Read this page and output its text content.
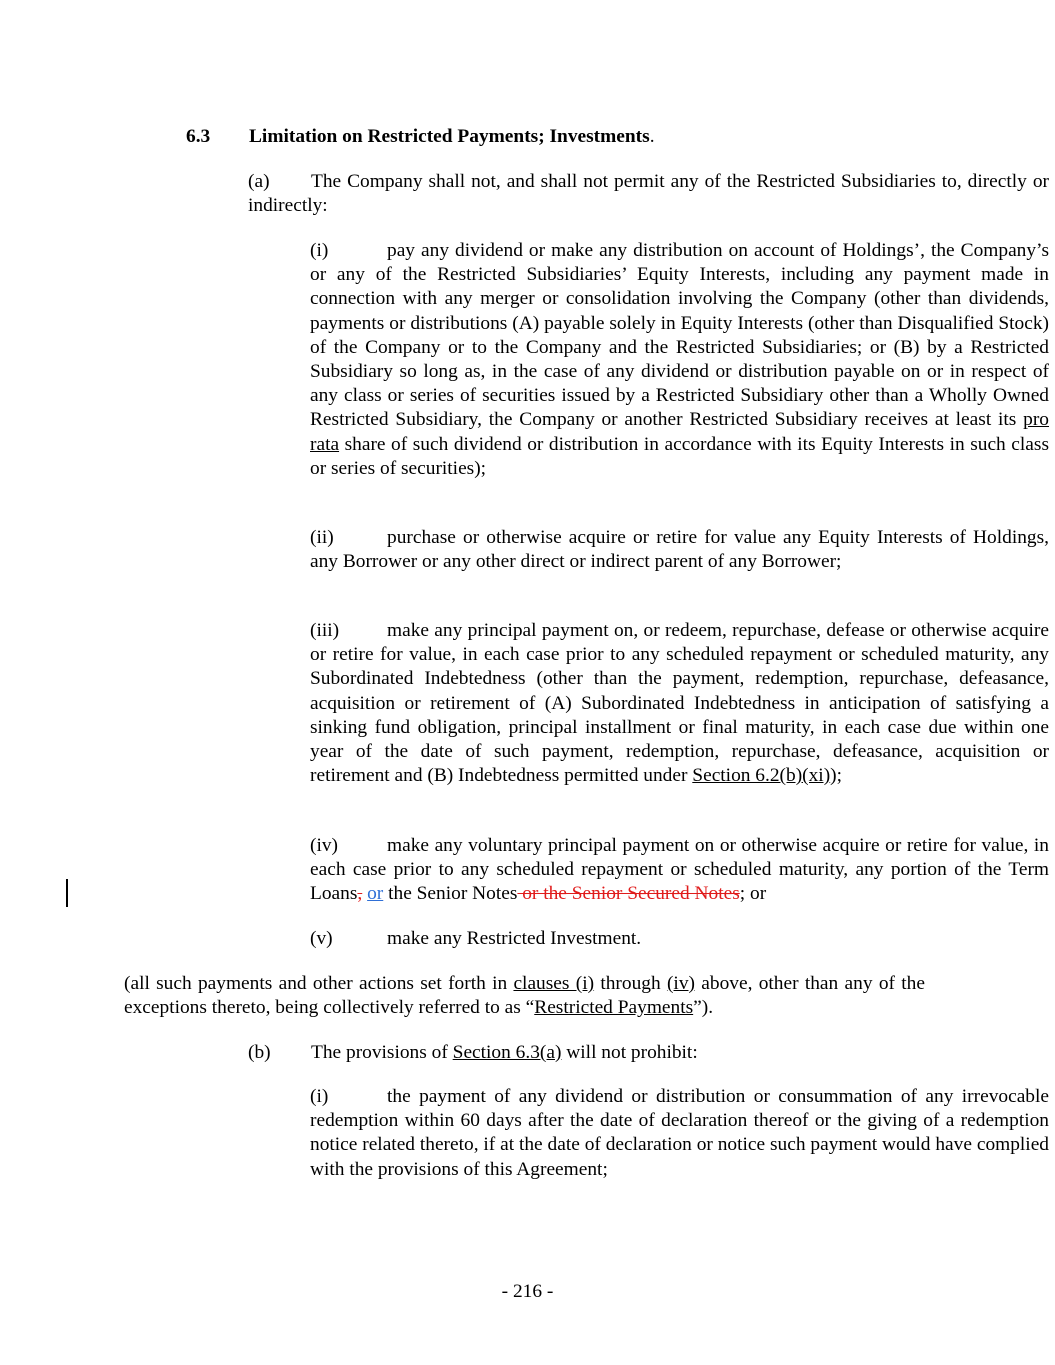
6.3 Limitation on Restricted Payments; Investments.

(a) The Company shall not, and shall not permit any of the Restricted Subsidiaries to, directly or indirectly:

(i)	pay any dividend or make any distribution on account of Holdings’, the Company’s or any of the Restricted Subsidiaries’ Equity Interests, including any payment made in connection with any merger or consolidation involving the Company (other than dividends, payments or distributions (A) payable solely in Equity Interests (other than Disqualified Stock) of the Company or to the Company and the Restricted Subsidiaries; or (B) by a Restricted Subsidiary so long as, in the case of any dividend or distribution payable on or in respect of any class or series of securities issued by a Restricted Subsidiary other than a Wholly Owned Restricted Subsidiary, the Company or another Restricted Subsidiary receives at least its pro rata share of such dividend or distribution in accordance with its Equity Interests in such class or series of securities);

(ii)	purchase or otherwise acquire or retire for value any Equity Interests of Holdings, any Borrower or any other direct or indirect parent of any Borrower;

(iii) make any principal payment on, or redeem, repurchase, defease or otherwise acquire or retire for value, in each case prior to any scheduled repayment or scheduled maturity, any Subordinated Indebtedness (other than the payment, redemption, repurchase, defeasance, acquisition or retirement of (A) Subordinated Indebtedness in anticipation of satisfying a sinking fund obligation, principal installment or final maturity, in each case due within one year of the date of such payment, redemption, repurchase, defeasance, acquisition or retirement and (B) Indebtedness permitted under Section 6.2(b)(xi));

(iv)	make any voluntary principal payment on or otherwise acquire or retire for value, in each case prior to any scheduled repayment or scheduled maturity, any portion of the Term Loans, or the Senior Notes or the Senior Secured Notes; or

(v)	make any Restricted Investment.

(all such payments and other actions set forth in clauses (i) through (iv) above, other than any of the exceptions thereto, being collectively referred to as “Restricted Payments”).

(b) The provisions of Section 6.3(a) will not prohibit:

(i)	the payment of any dividend or distribution or consummation of any irrevocable redemption within 60 days after the date of declaration thereof or the giving of a redemption notice related thereto, if at the date of declaration or notice such payment would have complied with the provisions of this Agreement;

- 216 -
